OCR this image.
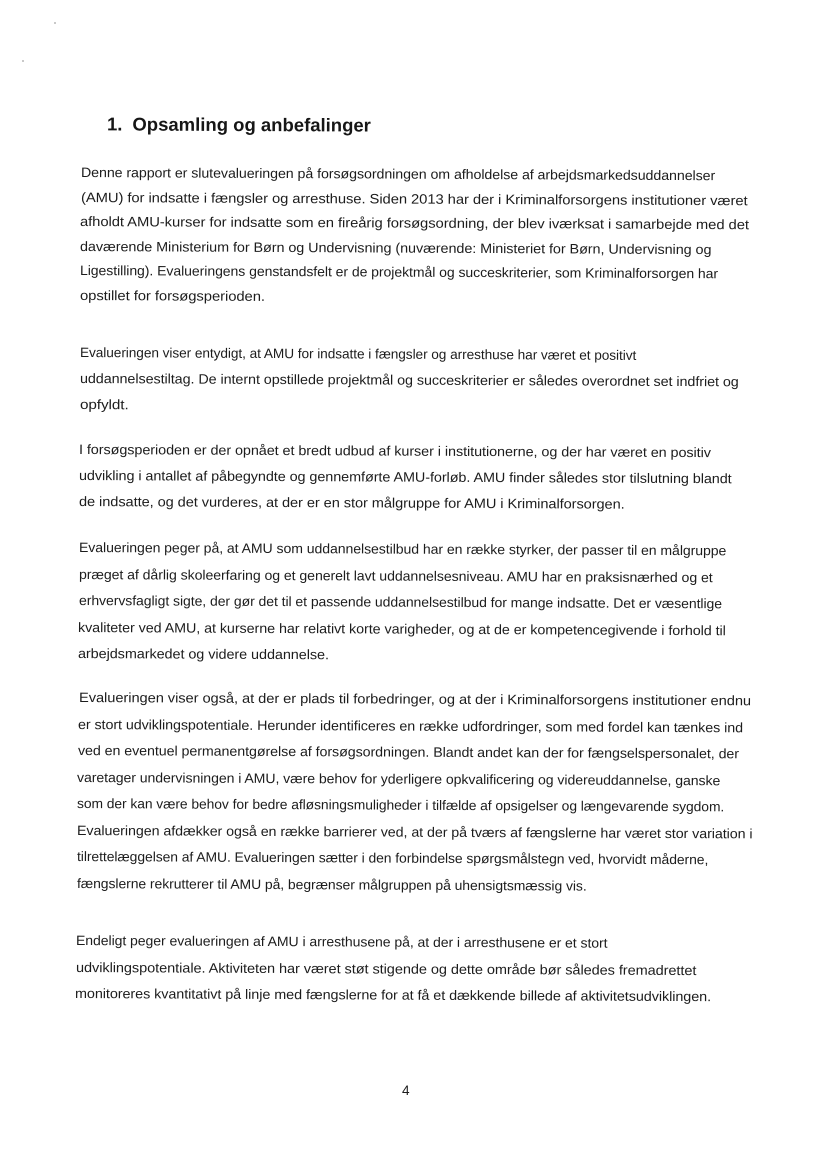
1. Opsamling og anbefalinger
Denne rapport er slutevalueringen på forsøgsordningen om afholdelse af arbejdsmarkedsuddannelser
(AMU) for indsatte i fængsler og arresthuse. Siden 2013 har der i Kriminalforsorgens institutioner været
afholdt AMU-kurser for indsatte som en fireårig forsøgsordning, der blev iværksat i samarbejde med det
daværende Ministerium for Børn og Undervisning (nuværende: Ministeriet for Børn, Undervisning og
Ligestilling). Evalueringens genstandsfelt er de projektmål og succeskriterier, som Kriminalforsorgen har
opstillet for forsøgsperioden.
Evalueringen viser entydigt, at AMU for indsatte i fængsler og arresthuse har været et positivt
uddannelsestiltag. De internt opstillede projektmål og succeskriterier er således overordnet set indfriet og
opfyldt.
I forsøgsperioden er der opnået et bredt udbud af kurser i institutionerne, og der har været en positiv
udvikling i antallet af påbegyndte og gennemførte AMU-forløb. AMU finder således stor tilslutning blandt
de indsatte, og det vurderes, at der er en stor målgruppe for AMU i Kriminalforsorgen.
Evalueringen peger på, at AMU som uddannelsestilbud har en række styrker, der passer til en målgruppe
præget af dårlig skoleerfaring og et generelt lavt uddannelsesniveau. AMU har en praksisnærhed og et
erhvervsfagligt sigte, der gør det til et passende uddannelsestilbud for mange indsatte. Det er væsentlige
kvaliteter ved AMU, at kurserne har relativt korte varigheder, og at de er kompetencegivende i forhold til
arbejdsmarkedet og videre uddannelse.
Evalueringen viser også, at der er plads til forbedringer, og at der i Kriminalforsorgens institutioner endnu
er stort udviklingspotentiale. Herunder identificeres en række udfordringer, som med fordel kan tænkes ind
ved en eventuel permanentgørelse af forsøgsordningen. Blandt andet kan der for fængselspersonalet, der
varetager undervisningen i AMU, være behov for yderligere opkvalificering og videreuddannelse, ganske
som der kan være behov for bedre afløsningsmuligheder i tilfælde af opsigelser og længevarende sygdom.
Evalueringen afdækker også en række barrierer ved, at der på tværs af fængslerne har været stor variation i
tilrettelæggelsen af AMU. Evalueringen sætter i den forbindelse spørgsmålstegn ved, hvorvidt måderne,
fængslerne rekrutterer til AMU på, begrænser målgruppen på uhensigtsmæssig vis.
Endeligt peger evalueringen af AMU i arresthusene på, at der i arresthusene er et stort
udviklingspotentiale. Aktiviteten har været støt stigende og dette område bør således fremadrettet
monitoreres kvantitativt på linje med fængslerne for at få et dækkende billede af aktivitetsudviklingen.
4
